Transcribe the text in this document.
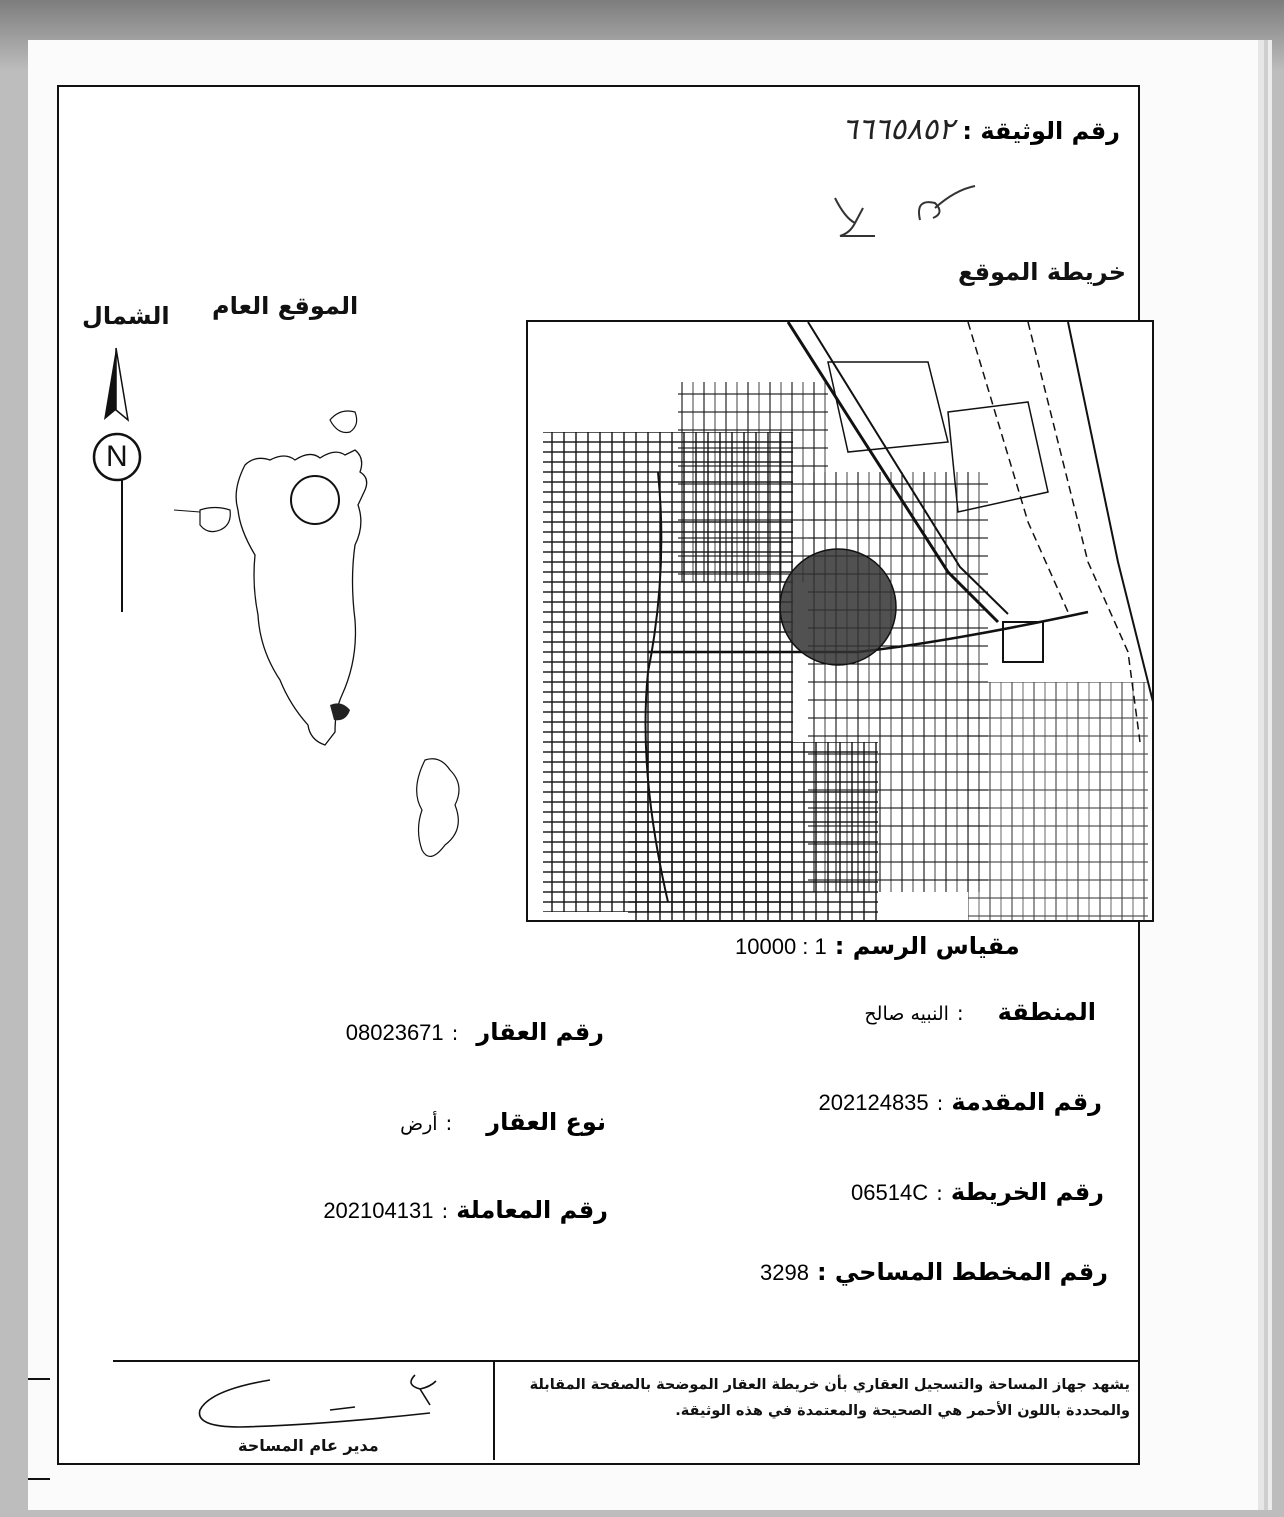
رقم الوثيقة :
٦٦٦٥٨٥٢
خريطة الموقع
الموقع العام
الشمال
N
10000 : 1 مقياس الرسم :
المنطقة
:
النبيه صالح
رقم المقدمة
:
202124835
رقم الخريطة
:
06514C
رقم المخطط المساحي :
3298
رقم العقار
:
08023671
نوع العقار
:
أرض
رقم المعاملة
:
202104131
يشهد جهاز المساحة والتسجيل العقاري بأن خريطة العقار الموضحة بالصفحة المقابلة والمحددة باللون الأحمر هي الصحيحة والمعتمدة في هذه الوثيقة.
مدير عام المساحة
